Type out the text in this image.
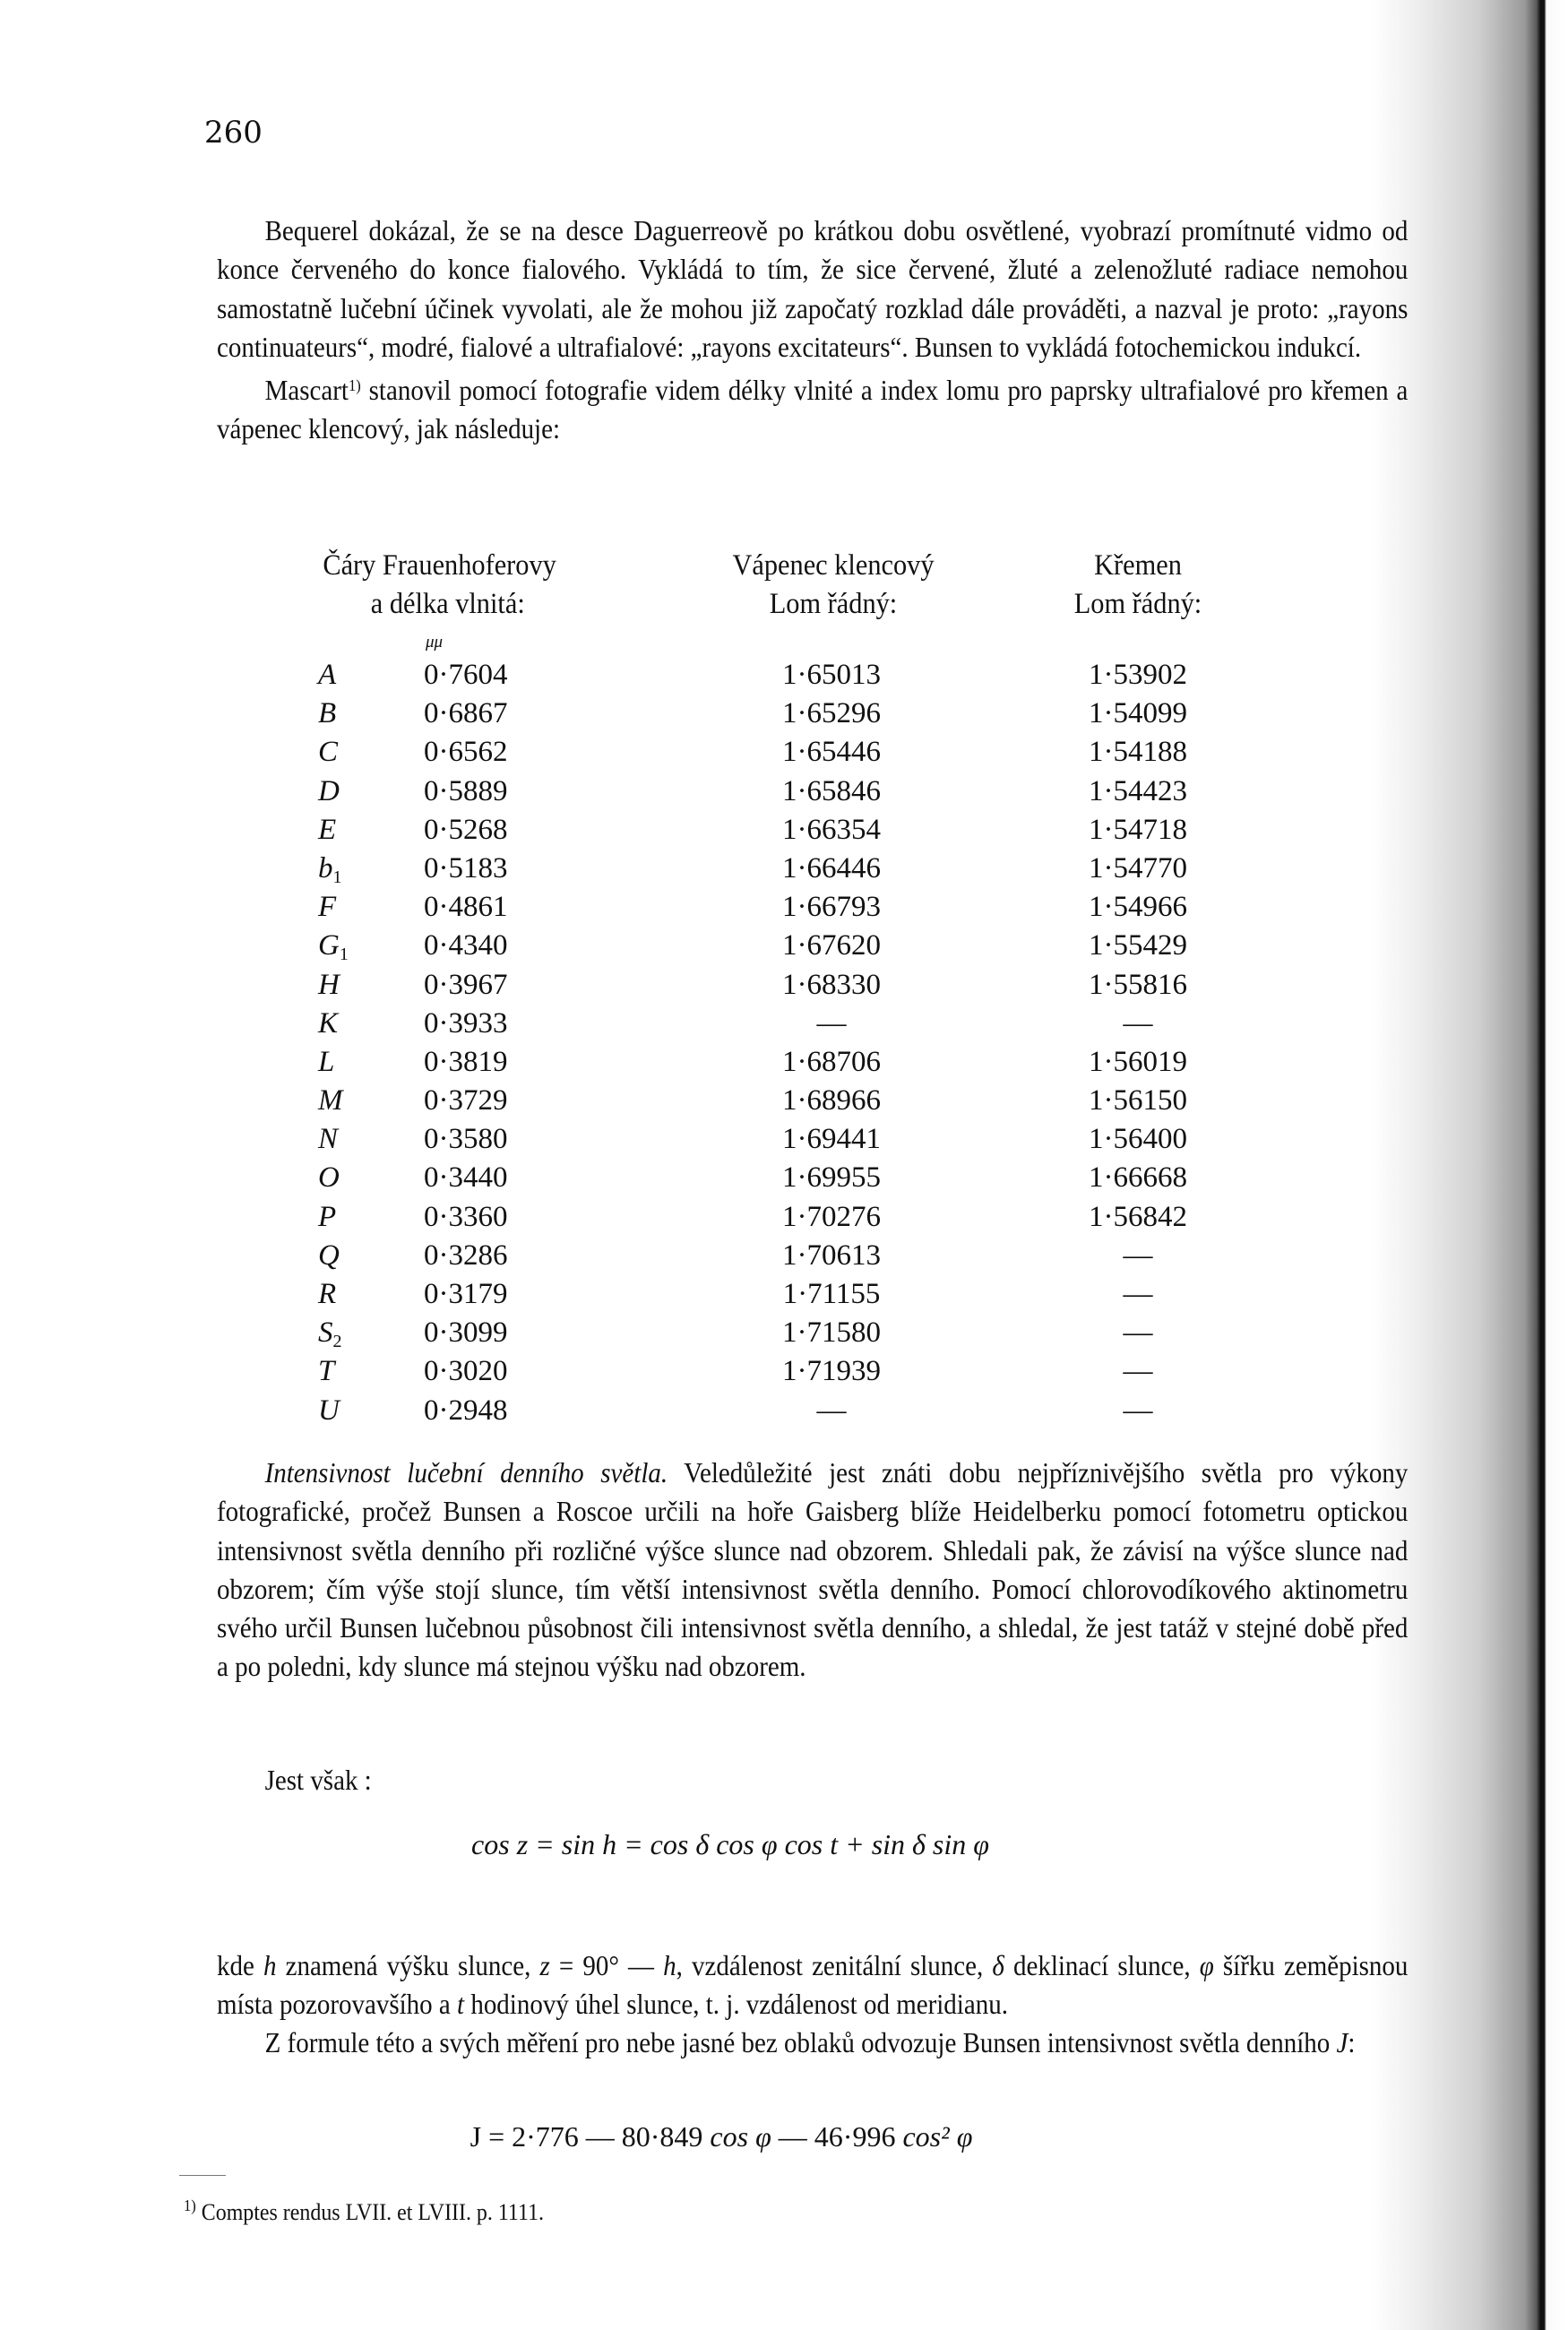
260

Bequerel dokázal, že se na desce Daguerreově po krátkou dobu osvětlené, vyobrazí promítnuté vidmo od konce červeného do konce fialového. Vykládá to tím, že sice červené, žluté a zelenožluté radiace nemohou samostatně lučební účinek vyvolati, ale že mohou již započatý rozklad dále prováděti, a nazval je proto: „rayons continuateurs“, modré, fialové a ultrafialové: „rayons excitateurs“. Bunsen to vykládá fotochemickou indukcí.

Mascart$^{1)}$ stanovil pomocí fotografie videm délky vlnité a index lomu pro paprsky ultrafialové pro křemen a vápenec klencový, jak následuje:

Čáry Frauenhoferovy
a délka vlnitá:
Vápenec klencový
Lom řádný:
Křemen
Lom řádný:
μμ
A	0·7604	1·65013	1·53902
B	0·6867	1·65296	1·54099
C	0·6562	1·65446	1·54188
D	0·5889	1·65846	1·54423
E	0·5268	1·66354	1·54718
$b_1$	0·5183	1·66446	1·54770
F	0·4861	1·66793	1·54966
$G_1$	0·4340	1·67620	1·55429
H	0·3967	1·68330	1·55816
K	0·3933	—	—
L	0·3819	1·68706	1·56019
M	0·3729	1·68966	1·56150
N	0·3580	1·69441	1·56400
O	0·3440	1·69955	1·66668
P	0·3360	1·70276	1·56842
Q	0·3286	1·70613	—
R	0·3179	1·71155	—
$S_2$	0·3099	1·71580	—
T	0·3020	1·71939	—
U	0·2948	—	—

Intensivnost lučební denního světla. Veledůležité jest znáti dobu nejpříznivějšího světla pro výkony fotografické, pročež Bunsen a Roscoe určili na hoře Gaisberg blíže Heidelberku pomocí fotometru optickou intensivnost světla denního při rozličné výšce slunce nad obzorem. Shledali pak, že závisí na výšce slunce nad obzorem; čím výše stojí slunce, tím větší intensivnost světla denního. Pomocí chlorovodíkového aktinometru svého určil Bunsen lučebnou působnost čili intensivnost světla denního, a shledal, že jest tatáž v stejné době před a po poledni, kdy slunce má stejnou výšku nad obzorem.

Jest však :

cos z = sin h = cos δ cos φ cos t + sin δ sin φ

kde h znamená výšku slunce, z = 90° — h, vzdálenost zenitální slunce, δ deklinací slunce, φ šířku zeměpisnou místa pozorovavšího a t hodinový úhel slunce, t. j. vzdálenost od meridianu.

Z formule této a svých měření pro nebe jasné bez oblaků odvozuje Bunsen intensivnost světla denního J:

J = 2·776 — 80·849 cos φ — 46·996 cos² φ
$^{1)}$ Comptes rendus LVII. et LVIII. p. 1111.
